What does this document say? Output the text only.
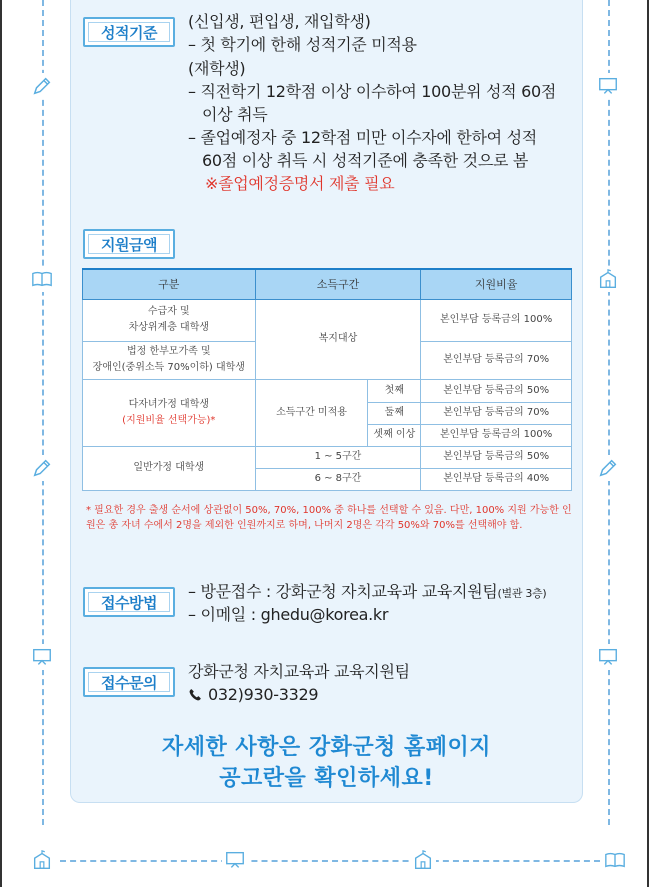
성적기준
(신입생, 편입생, 재입학생)
– 첫 학기에 한해 성적기준 미적용
(재학생)
– 직전학기 12학점 이상 이수하여 100분위 성적 60점
이상 취득
– 졸업예정자 중 12학점 미만 이수자에 한하여 성적
60점 이상 취득 시 성적기준에 충족한 것으로 봄
※졸업예정증명서 제출 필요
지원금액
구분	소득구간		지원비율
수급자 및
차상위계층 대학생	복지대상		본인부담 등록금의 100%
법정 한부모가족 및
장애인(중위소득 70%이하) 대학생			본인부담 등록금의 70%
다자녀가정 대학생
(지원비율 선택가능)*	소득구간 미적용	첫째	본인부담 등록금의 50%
		둘째	본인부담 등록금의 70%
		셋째 이상	본인부담 등록금의 100%
일반가정 대학생	1 ~ 5구간		본인부담 등록금의 50%
	6 ~ 8구간		본인부담 등록금의 40%
* 필요한 경우 출생 순서에 상관없이 50%, 70%, 100% 중 하나를 선택할 수 있음. 다만, 100% 지원 가능한 인원은 총 자녀 수에서 2명을 제외한 인원까지로 하며, 나머지 2명은 각각 50%와 70%를 선택해야 함.
접수방법
– 방문접수 : 강화군청 자치교육과 교육지원팀(별관 3층)
– 이메일 : ghedu@korea.kr
접수문의
강화군청 자치교육과 교육지원팀
032)930-3329
자세한 사항은 강화군청 홈페이지
공고란을 확인하세요!
